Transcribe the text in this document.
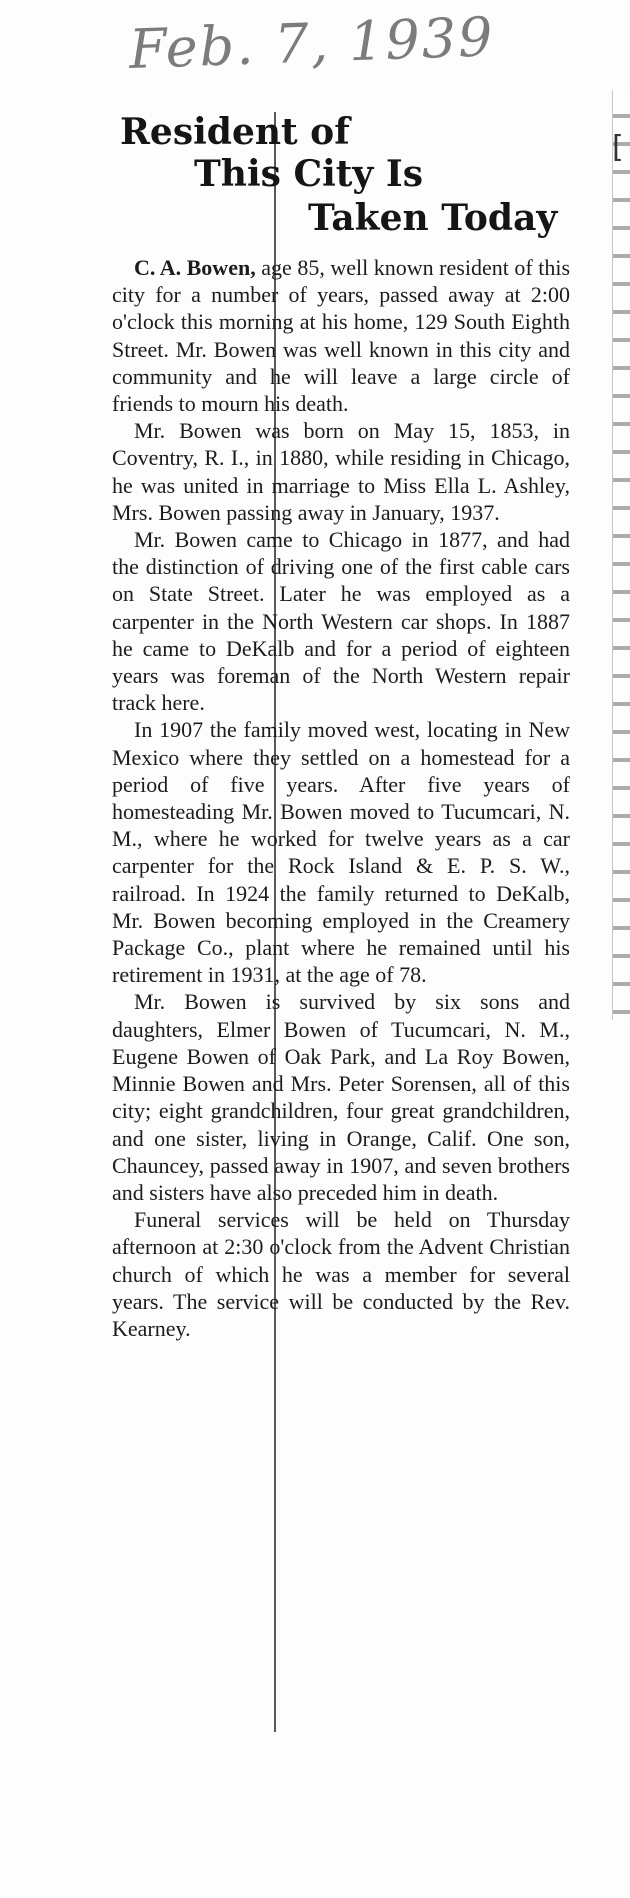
Feb. 7, 1939
Resident of
This City Is
Taken Today

C. A. Bowen, age 85, well known resident of this city for a number of years, passed away at 2:00 o'clock this morning at his home, 129 South Eighth Street. Mr. Bowen was well known in this city and community and he will leave a large circle of friends to mourn his death.

Mr. Bowen was born on May 15, 1853, in Coventry, R. I., in 1880, while residing in Chicago, he was united in marriage to Miss Ella L. Ashley, Mrs. Bowen passing away in January, 1937.

Mr. Bowen came to Chicago in 1877, and had the distinction of driving one of the first cable cars on State Street. Later he was employed as a carpenter in the North Western car shops. In 1887 he came to DeKalb and for a period of eighteen years was foreman of the North Western repair track here.

In 1907 the family moved west, locating in New Mexico where they settled on a homestead for a period of five years. After five years of homesteading Mr. Bowen moved to Tucumcari, N. M., where he worked for twelve years as a car carpenter for the Rock Island & E. P. S. W., railroad. In 1924 the family returned to DeKalb, Mr. Bowen becoming employed in the Creamery Package Co., plant where he remained until his retirement in 1931, at the age of 78.

Mr. Bowen is survived by six sons and daughters, Elmer Bowen of Tucumcari, N. M., Eugene Bowen of Oak Park, and La Roy Bowen, Minnie Bowen and Mrs. Peter Sorensen, all of this city; eight grandchildren, four great grandchildren, and one sister, living in Orange, Calif. One son, Chauncey, passed away in 1907, and seven brothers and sisters have also preceded him in death.

Funeral services will be held on Thursday afternoon at 2:30 o'clock from the Advent Christian church of which he was a member for several years. The service will be conducted by the Rev. Kearney.

[
